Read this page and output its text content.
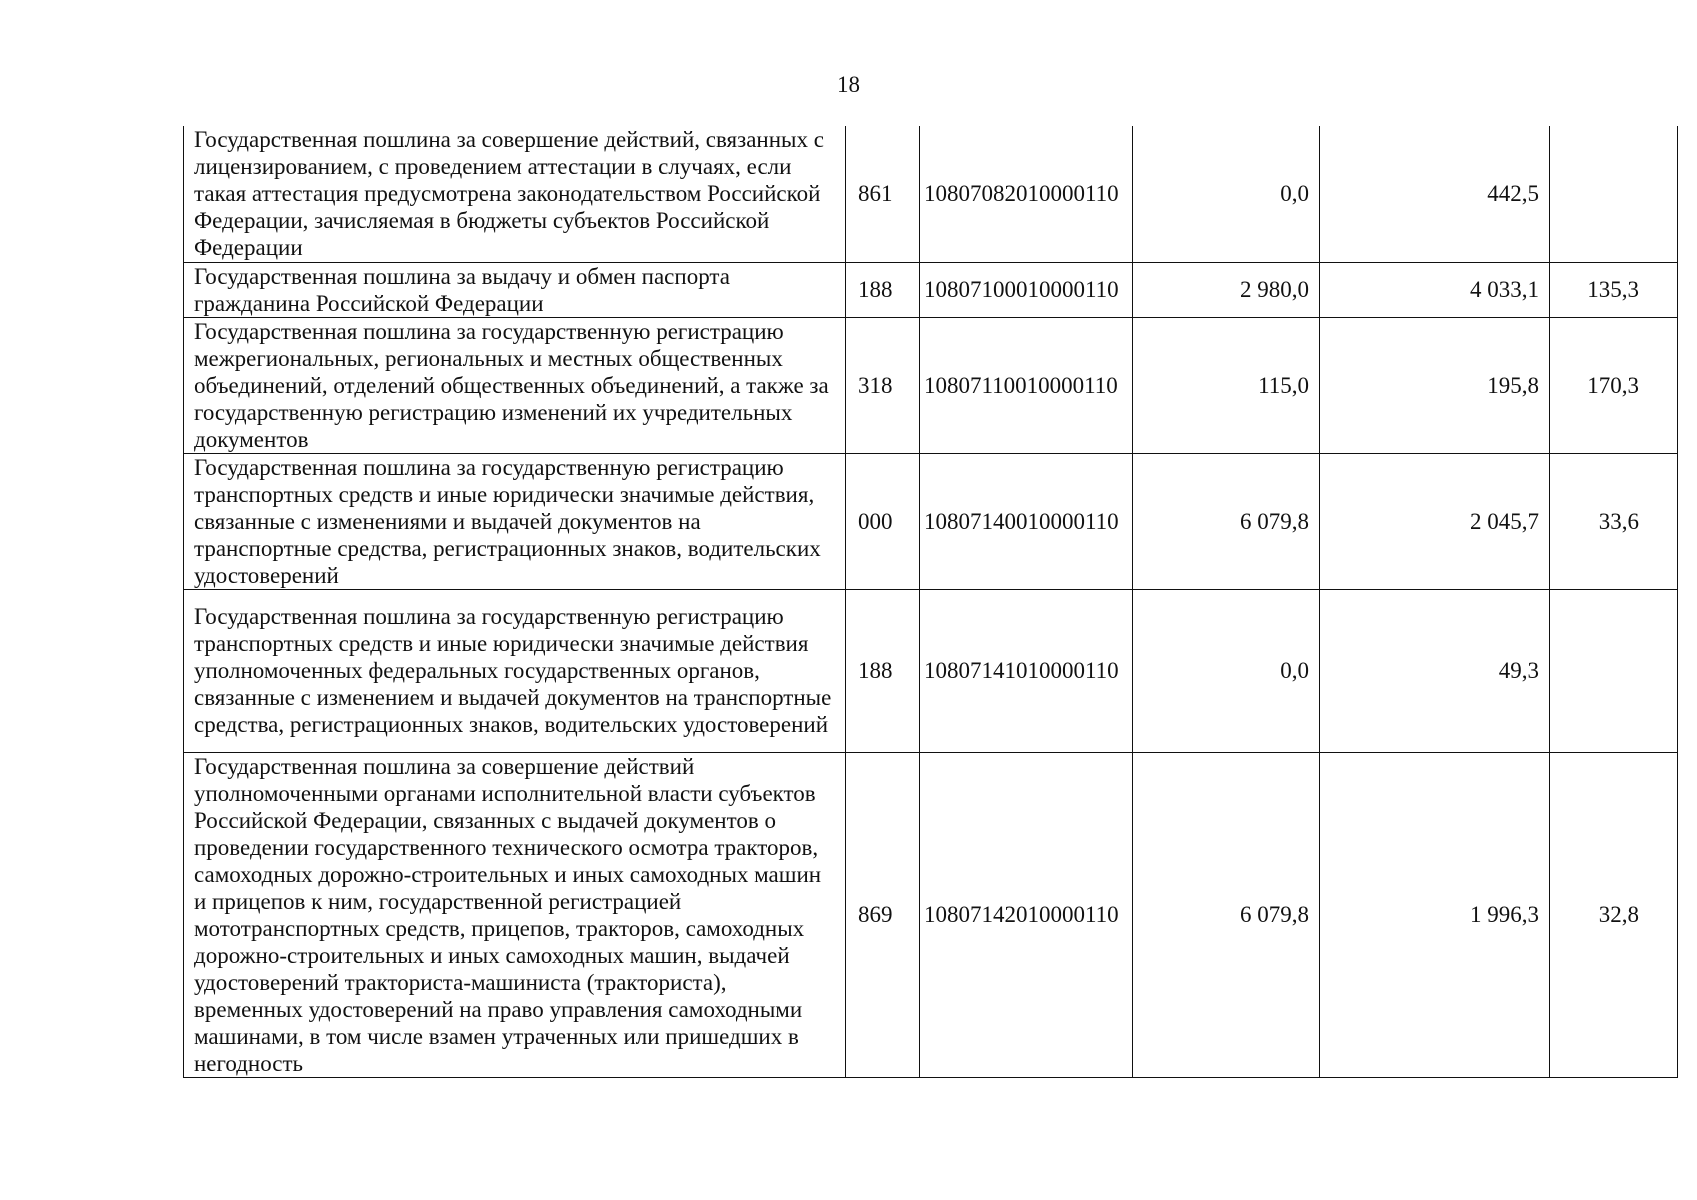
18
Государственная пошлина за совершение действий, связанных с лицензированием, с проведением аттестации в случаях, если такая аттестация предусмотрена законодательством Российской Федерации, зачисляемая в бюджеты субъектов Российской Федерации	861	10807082010000110	0,0	442,5	
Государственная пошлина за выдачу и обмен паспорта гражданина Российской Федерации	188	10807100010000110	2 980,0	4 033,1	135,3
Государственная пошлина за государственную регистрацию межрегиональных, региональных и местных общественных объединений, отделений общественных объединений, а также за государственную регистрацию изменений их учредительных документов	318	10807110010000110	115,0	195,8	170,3
Государственная пошлина за государственную регистрацию транспортных средств и иные юридически значимые действия, связанные с изменениями и выдачей документов на транспортные средства, регистрационных знаков, водительских удостоверений	000	10807140010000110	6 079,8	2 045,7	33,6
Государственная пошлина за государственную регистрацию транспортных средств и иные юридически значимые действия уполномоченных федеральных государственных органов, связанные с изменением и выдачей документов на транспортные средства, регистрационных знаков, водительских удостоверений	188	10807141010000110	0,0	49,3	
Государственная пошлина за совершение действий уполномоченными органами исполнительной власти субъектов Российской Федерации, связанных с выдачей документов о проведении государственного технического осмотра тракторов, самоходных дорожно-строительных и иных самоходных машин и прицепов к ним, государственной регистрацией мототранспортных средств, прицепов, тракторов, самоходных дорожно-строительных и иных самоходных машин, выдачей удостоверений тракториста-машиниста (тракториста), временных удостоверений на право управления самоходными машинами, в том числе взамен утраченных или пришедших в негодность	869	10807142010000110	6 079,8	1 996,3	32,8
